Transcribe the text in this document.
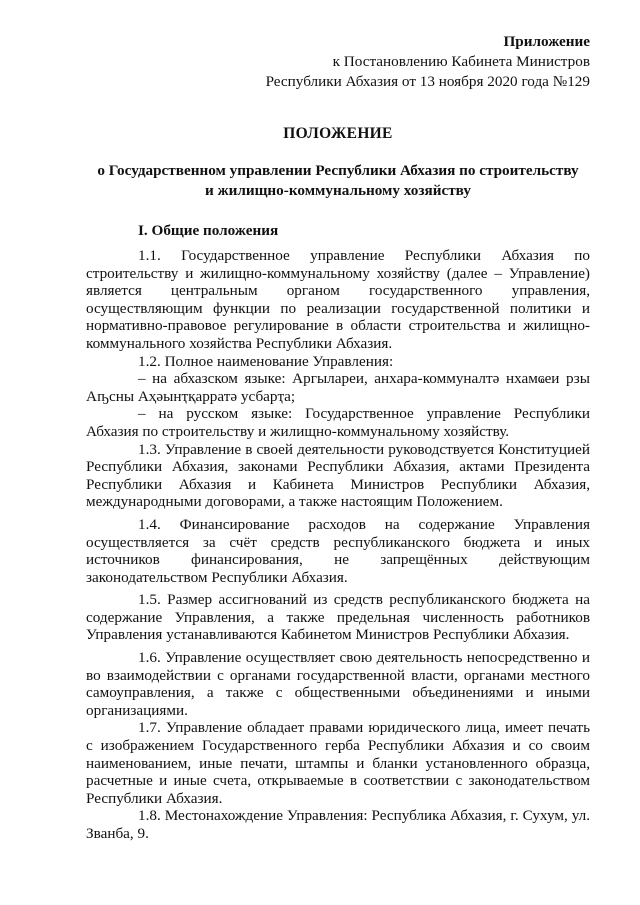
Приложение
к Постановлению Кабинета Министров
Республики Абхазия от 13 ноября 2020 года №129
ПОЛОЖЕНИЕ
о Государственном управлении Республики Абхазия по строительству
и жилищно-коммунальному хозяйству
I. Общие положения

1.1. Государственное управление Республики Абхазия по строительству и жилищно-коммунальному хозяйству (далее – Управление) является центральным органом государственного управления, осуществляющим функции по реализации государственной политики и нормативно-правовое регулирование в области строительства и жилищно-коммунального хозяйства Республики Абхазия.

1.2. Полное наименование Управления:

– на абхазском языке: Аргылареи, анхара-коммуналтә нхамҩеи рзы Аҧсны Аҳәынҭқарратә усбарҭа;

– на русском языке: Государственное управление Республики Абхазия по строительству и жилищно-коммунальному хозяйству.

1.3. Управление в своей деятельности руководствуется Конституцией Республики Абхазия, законами Республики Абхазия, актами Президента Республики Абхазия и Кабинета Министров Республики Абхазия, международными договорами, а также настоящим Положением.

1.4. Финансирование расходов на содержание Управления осуществляется за счёт средств республиканского бюджета и иных источников финансирования, не запрещённых действующим законодательством Республики Абхазия.

1.5. Размер ассигнований из средств республиканского бюджета на содержание Управления, а также предельная численность работников Управления устанавливаются Кабинетом Министров Республики Абхазия.

1.6. Управление осуществляет свою деятельность непосредственно и во взаимодействии с органами государственной власти, органами местного самоуправления, а также с общественными объединениями и иными организациями.

1.7. Управление обладает правами юридического лица, имеет печать с изображением Государственного герба Республики Абхазия и со своим наименованием, иные печати, штампы и бланки установленного образца, расчетные и иные счета, открываемые в соответствии с законодательством Республики Абхазия.

1.8. Местонахождение Управления: Республика Абхазия, г. Сухум, ул. Званба, 9.
